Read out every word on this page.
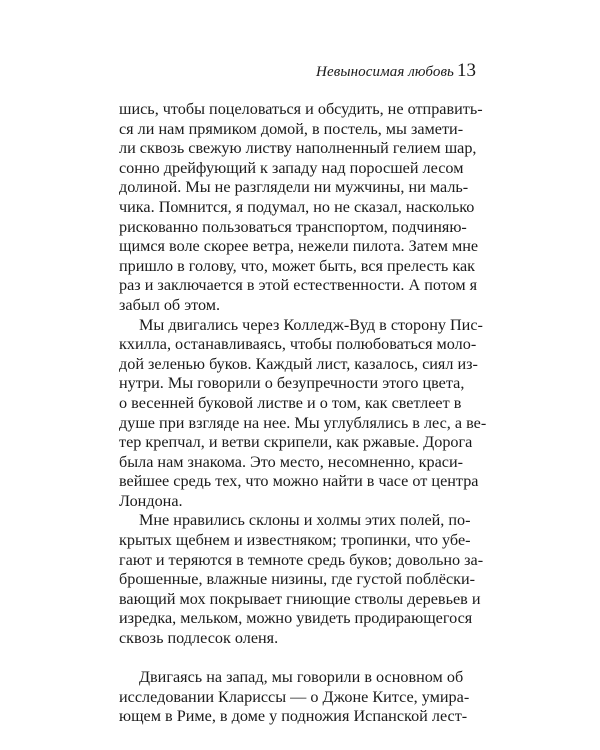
Невыносимая любовь 13
шись, чтобы поцеловаться и обсудить, не отправить-
ся ли нам прямиком домой, в постель, мы замети-
ли сквозь свежую листву наполненный гелием шар,
сонно дрейфующий к западу над поросшей лесом
долиной. Мы не разглядели ни мужчины, ни маль-
чика. Помнится, я подумал, но не сказал, насколько
рискованно пользоваться транспортом, подчиняю-
щимся воле скорее ветра, нежели пилота. Затем мне
пришло в голову, что, может быть, вся прелесть как
раз и заключается в этой естественности. А потом я
забыл об этом.
Мы двигались через Колледж-Вуд в сторону Пис-
кхилла, останавливаясь, чтобы полюбоваться моло-
дой зеленью буков. Каждый лист, казалось, сиял из-
нутри. Мы говорили о безупречности этого цвета,
о весенней буковой листве и о том, как светлеет в
душе при взгляде на нее. Мы углублялись в лес, а ве-
тер крепчал, и ветви скрипели, как ржавые. Дорога
была нам знакома. Это место, несомненно, краси-
вейшее средь тех, что можно найти в часе от центра
Лондона.
Мне нравились склоны и холмы этих полей, по-
крытых щебнем и известняком; тропинки, что убе-
гают и теряются в темноте средь буков; довольно за-
брошенные, влажные низины, где густой поблёски-
вающий мох покрывает гниющие стволы деревьев и
изредка, мельком, можно увидеть продирающегося
сквозь подлесок оленя.
Двигаясь на запад, мы говорили в основном об
исследовании Клариссы — о Джоне Китсе, умира-
ющем в Риме, в доме у подножия Испанской лест-
